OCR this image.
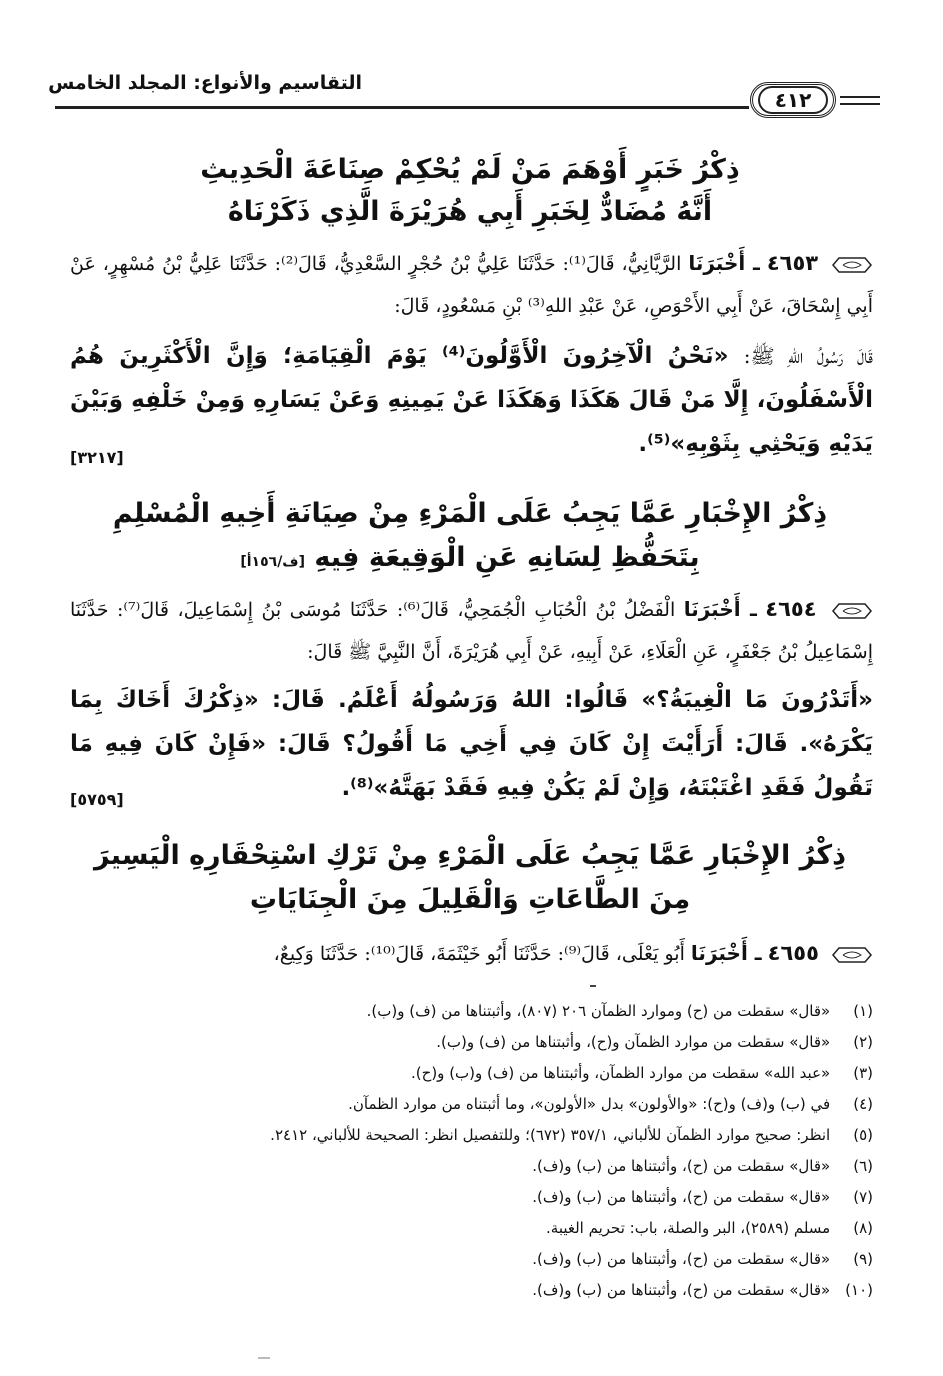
التقاسيم والأنواع: المجلد الخامس
٤١٢
ذِكْرُ خَبَرٍ أَوْهَمَ مَنْ لَمْ يُحْكِمْ صِنَاعَةَ الْحَدِيثِ
أَنَّهُ مُضَادٌّ لِخَبَرِ أَبِي هُرَيْرَةَ الَّذِي ذَكَرْنَاهُ
٤٦٥٣ ـ أَخْبَرَنَا الرَّيَّانِيُّ، قَالَ⁽¹⁾: حَدَّثَنَا عَلِيُّ بْنُ حُجْرٍ السَّعْدِيُّ، قَالَ⁽²⁾: حَدَّثَنَا عَلِيُّ بْنُ مُسْهِرٍ، عَنْ أَبِي إِسْحَاقَ، عَنْ أَبِي الأَحْوَصِ، عَنْ عَبْدِ اللهِ⁽³⁾ بْنِ مَسْعُودٍ، قَالَ:
قَالَ رَسُولُ اللهِ ﷺ: «نَحْنُ الْآخِرُونَ الْأَوَّلُونَ⁽⁴⁾ يَوْمَ الْقِيَامَةِ؛ وَإِنَّ الْأَكْثَرِينَ هُمُ الْأَسْفَلُونَ، إِلَّا مَنْ قَالَ هَكَذَا وَهَكَذَا عَنْ يَمِينِهِ وَعَنْ يَسَارِهِ وَمِنْ خَلْفِهِ وَبَيْنَ يَدَيْهِ وَيَحْثِي بِثَوْبِهِ»⁽⁵⁾.
[٣٢١٧]
ذِكْرُ الإِخْبَارِ عَمَّا يَجِبُ عَلَى الْمَرْءِ مِنْ صِيَانَةِ أَخِيهِ الْمُسْلِمِ
بِتَحَفُّظِ لِسَانِهِ عَنِ الْوَقِيعَةِ فِيهِ [ف/١٥٦أ]
٤٦٥٤ ـ أَخْبَرَنَا الْفَضْلُ بْنُ الْحُبَابِ الْجُمَحِيُّ، قَالَ⁽⁶⁾: حَدَّثَنَا مُوسَى بْنُ إِسْمَاعِيلَ، قَالَ⁽⁷⁾: حَدَّثَنَا إِسْمَاعِيلُ بْنُ جَعْفَرٍ، عَنِ الْعَلَاءِ، عَنْ أَبِيهِ، عَنْ أَبِي هُرَيْرَةَ، أَنَّ النَّبِيَّ ﷺ قَالَ:
«أَتَدْرُونَ مَا الْغِيبَةُ؟» قَالُوا: اللهُ وَرَسُولُهُ أَعْلَمُ. قَالَ: «ذِكْرُكَ أَخَاكَ بِمَا يَكْرَهُ». قَالَ: أَرَأَيْتَ إِنْ كَانَ فِي أَخِي مَا أَقُولُ؟ قَالَ: «فَإِنْ كَانَ فِيهِ مَا تَقُولُ فَقَدِ اغْتَبْتَهُ، وَإِنْ لَمْ يَكُنْ فِيهِ فَقَدْ بَهَتَّهُ»⁽⁸⁾.
[٥٧٥٩]
ذِكْرُ الإِخْبَارِ عَمَّا يَجِبُ عَلَى الْمَرْءِ مِنْ تَرْكِ اسْتِحْقَارِهِ الْيَسِيرَ
مِنَ الطَّاعَاتِ وَالْقَلِيلَ مِنَ الْجِنَايَاتِ
٤٦٥٥ ـ أَخْبَرَنَا أَبُو يَعْلَى، قَالَ⁽⁹⁾: حَدَّثَنَا أَبُو خَيْثَمَةَ، قَالَ⁽¹⁰⁾: حَدَّثَنَا وَكِيعٌ،
(١) «قال» سقطت من (ح) وموارد الظمآن ٢٠٦ (٨٠٧)، وأثبتناها من (ف) و(ب).
(٢) «قال» سقطت من موارد الظمآن و(ح)، وأثبتناها من (ف) و(ب).
(٣) «عبد الله» سقطت من موارد الظمآن، وأثبتناها من (ف) و(ب) و(ح).
(٤) في (ب) و(ف) و(ح): «والأولون» بدل «الأولون»، وما أثبتناه من موارد الظمآن.
(٥) انظر: صحيح موارد الظمآن للألباني، ٣٥٧/١ (٦٧٢)؛ وللتفصيل انظر: الصحيحة للألباني، ٢٤١٢.
(٦) «قال» سقطت من (ح)، وأثبتناها من (ب) و(ف).
(٧) «قال» سقطت من (ح)، وأثبتناها من (ب) و(ف).
(٨) مسلم (٢٥٨٩)، البر والصلة، باب: تحريم الغيبة.
(٩) «قال» سقطت من (ح)، وأثبتناها من (ب) و(ف).
(١٠) «قال» سقطت من (ح)، وأثبتناها من (ب) و(ف).
